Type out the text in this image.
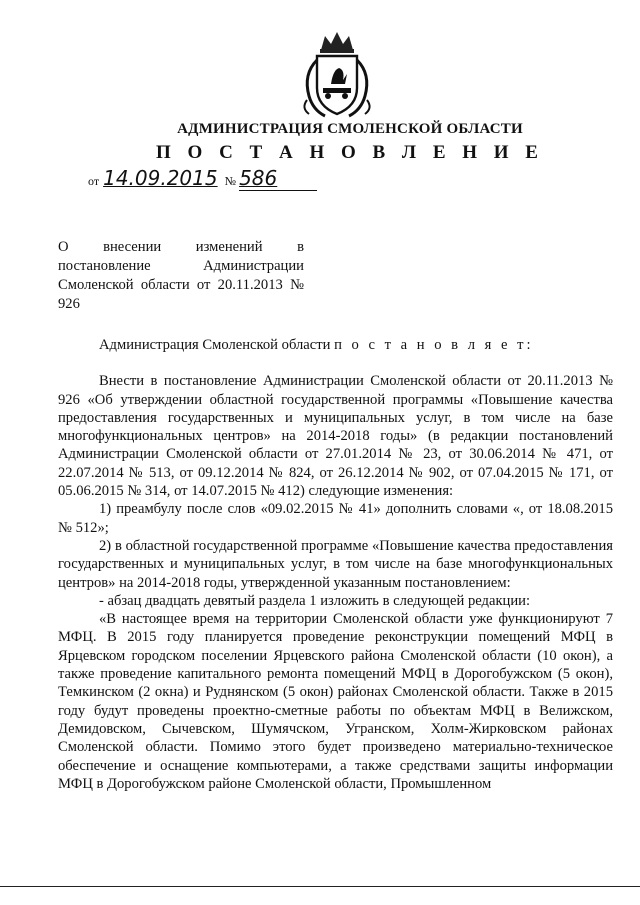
АДМИНИСТРАЦИЯ СМОЛЕНСКОЙ ОБЛАСТИ
П О С Т А Н О В Л Е Н И Е
от 14.09.2015 № 586
О внесении изменений в постановление Администрации Смоленской области от 20.11.2013 № 926

Администрация Смоленской области п о с т а н о в л я е т:

Внести в постановление Администрации Смоленской области от 20.11.2013 № 926 «Об утверждении областной государственной программы «Повышение качества предоставления государственных и муниципальных услуг, в том числе на базе многофункциональных центров» на 2014-2018 годы» (в редакции постановлений Администрации Смоленской области от 27.01.2014 № 23, от 30.06.2014 № 471, от 22.07.2014 № 513, от 09.12.2014 № 824, от 26.12.2014 № 902, от 07.04.2015 № 171, от 05.06.2015 № 314, от 14.07.2015 № 412) следующие изменения:

1) преамбулу после слов «09.02.2015 № 41» дополнить словами «, от 18.08.2015 № 512»;

2) в областной государственной программе «Повышение качества предоставления государственных и муниципальных услуг, в том числе на базе многофункциональных центров» на 2014-2018 годы, утвержденной указанным постановлением:

- абзац двадцать девятый раздела 1 изложить в следующей редакции:

«В настоящее время на территории Смоленской области уже функционируют 7 МФЦ. В 2015 году планируется проведение реконструкции помещений МФЦ в Ярцевском городском поселении Ярцевского района Смоленской области (10 окон), а также проведение капитального ремонта помещений МФЦ в Дорогобужском (5 окон), Темкинском (2 окна) и Руднянском (5 окон) районах Смоленской области. Также в 2015 году будут проведены проектно-сметные работы по объектам МФЦ в Велижском, Демидовском, Сычевском, Шумячском, Угранском, Холм-Жирковском районах Смоленской области. Помимо этого будет произведено материально-техническое обеспечение и оснащение компьютерами, а также средствами защиты информации МФЦ в Дорогобужском районе Смоленской области, Промышленном
